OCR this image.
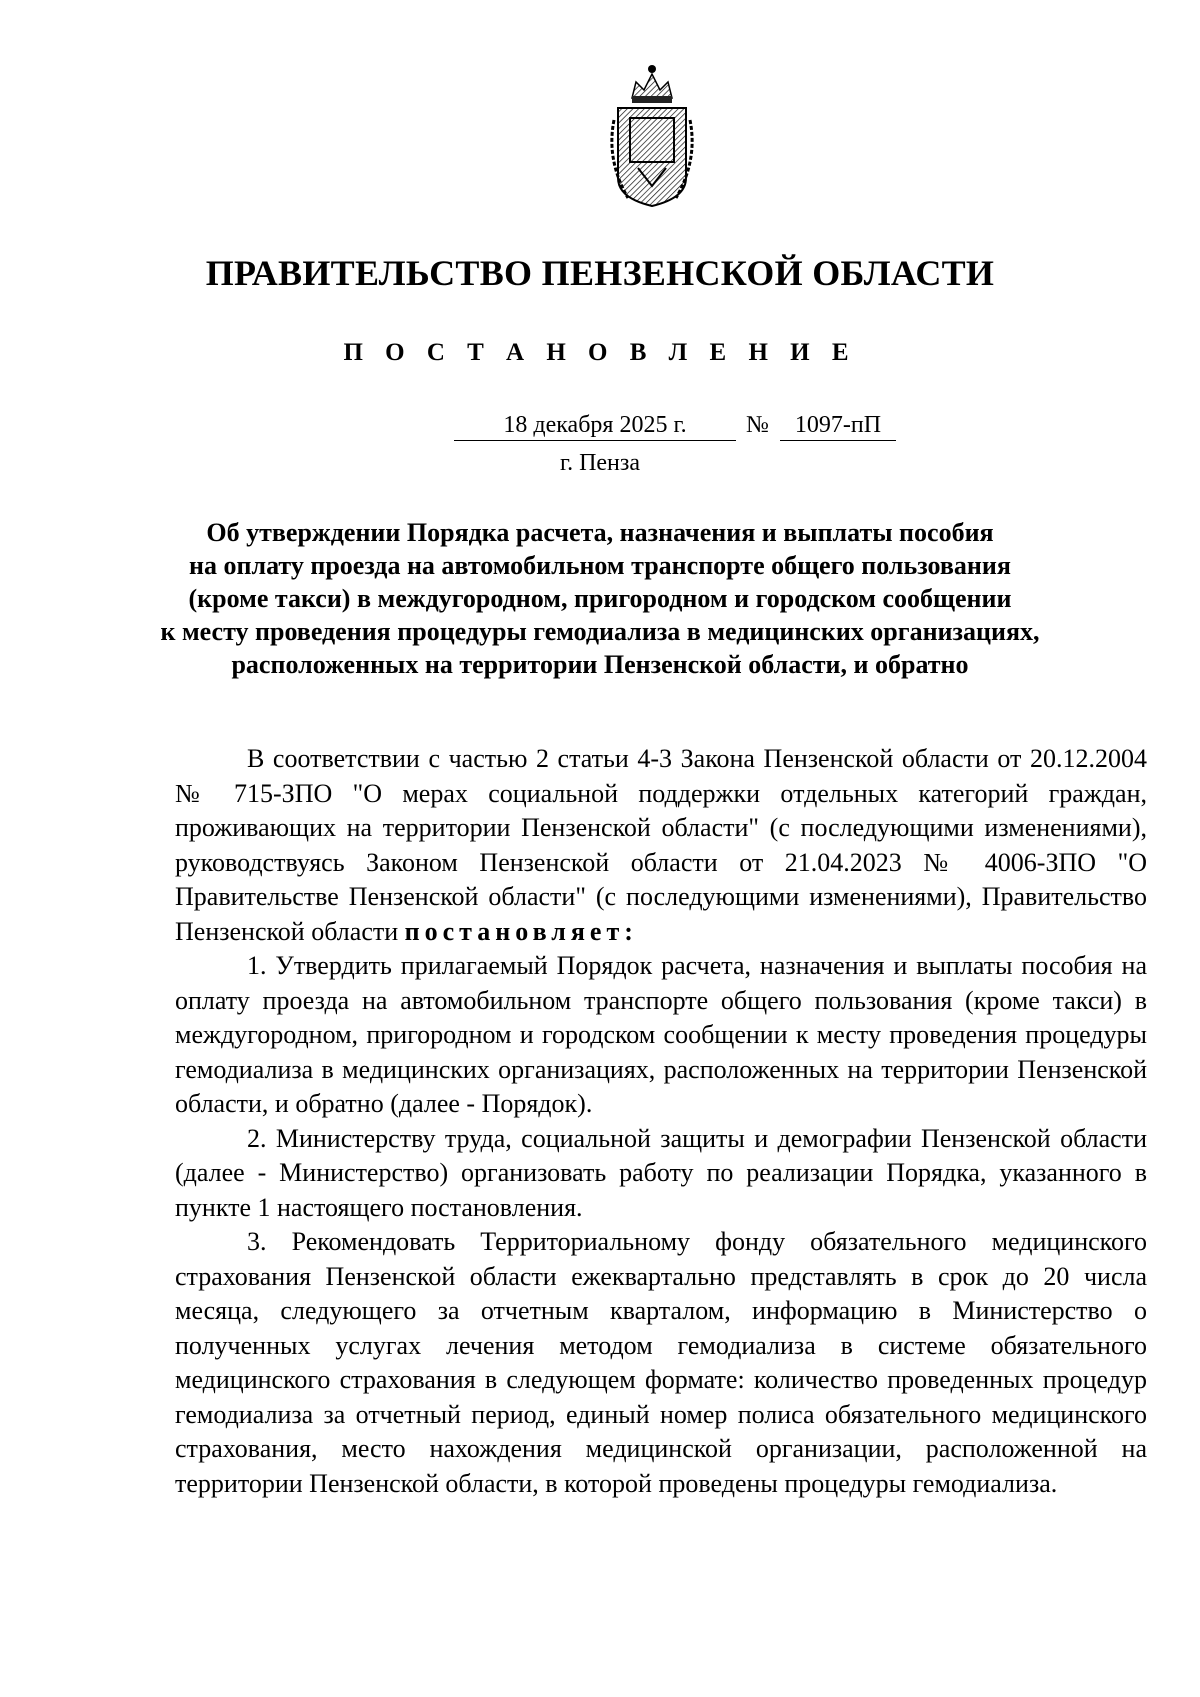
ПРАВИТЕЛЬСТВО ПЕНЗЕНСКОЙ ОБЛАСТИ
П О С Т А Н О В Л Е Н И Е
18 декабря 2025 г.	№	1097-пП
г. Пенза
Об утверждении Порядка расчета, назначения и выплаты пособия
на оплату проезда на автомобильном транспорте общего пользования
(кроме такси) в междугородном, пригородном и городском сообщении
к месту проведения процедуры гемодиализа в медицинских организациях,
расположенных на территории Пензенской области, и обратно

В соответствии с частью 2 статьи 4-3 Закона Пензенской области от 20.12.2004 № 715-ЗПО "О мерах социальной поддержки отдельных категорий граждан, проживающих на территории Пензенской области" (с последующими изменениями), руководствуясь Законом Пензенской области от 21.04.2023 № 4006-ЗПО "О Правительстве Пензенской области" (с последующими изменениями), Правительство Пензенской области постановляет:

1. Утвердить прилагаемый Порядок расчета, назначения и выплаты пособия на оплату проезда на автомобильном транспорте общего пользования (кроме такси) в междугородном, пригородном и городском сообщении к месту проведения процедуры гемодиализа в медицинских организациях, расположенных на территории Пензенской области, и обратно (далее - Порядок).

2. Министерству труда, социальной защиты и демографии Пензенской области (далее - Министерство) организовать работу по реализации Порядка, указанного в пункте 1 настоящего постановления.

3. Рекомендовать Территориальному фонду обязательного медицинского страхования Пензенской области ежеквартально представлять в срок до 20 числа месяца, следующего за отчетным кварталом, информацию в Министерство о полученных услугах лечения методом гемодиализа в системе обязательного медицинского страхования в следующем формате: количество проведенных процедур гемодиализа за отчетный период, единый номер полиса обязательного медицинского страхования, место нахождения медицинской организации, расположенной на территории Пензенской области, в которой проведены процедуры гемодиализа.
